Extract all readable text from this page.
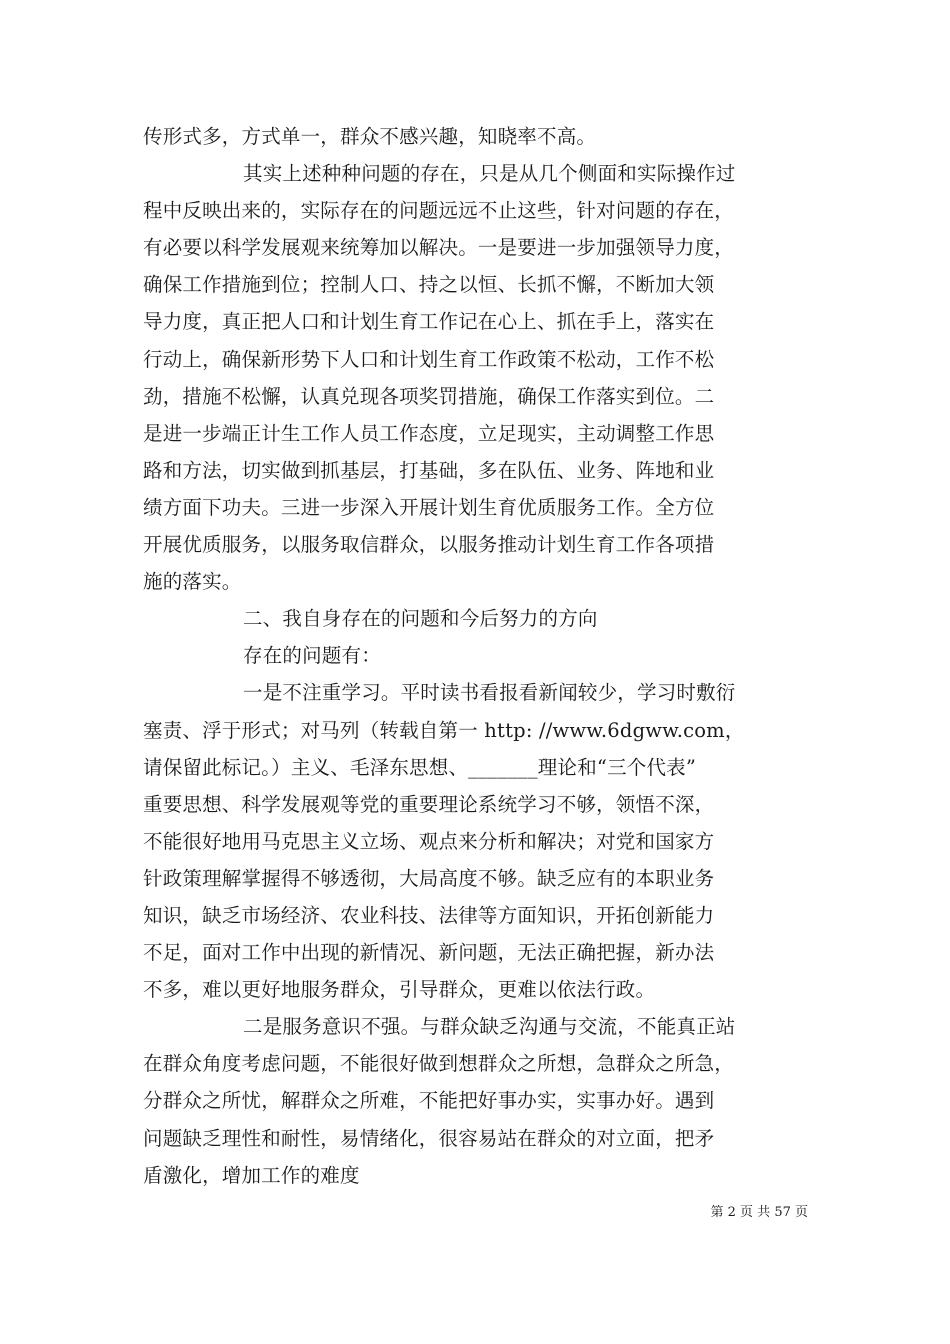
传形式多，方式单一，群众不感兴趣，知晓率不高。
其实上述种种问题的存在，只是从几个侧面和实际操作过
程中反映出来的，实际存在的问题远远不止这些，针对问题的存在，
有必要以科学发展观来统筹加以解决。一是要进一步加强领导力度，
确保工作措施到位；控制人口、持之以恒、长抓不懈，不断加大领
导力度，真正把人口和计划生育工作记在心上、抓在手上，落实在
行动上，确保新形势下人口和计划生育工作政策不松动，工作不松
劲，措施不松懈，认真兑现各项奖罚措施，确保工作落实到位。二
是进一步端正计生工作人员工作态度，立足现实，主动调整工作思
路和方法，切实做到抓基层，打基础，多在队伍、业务、阵地和业
绩方面下功夫。三进一步深入开展计划生育优质服务工作。全方位
开展优质服务，以服务取信群众，以服务推动计划生育工作各项措
施的落实。
二、我自身存在的问题和今后努力的方向
存在的问题有：
一是不注重学习。平时读书看报看新闻较少，学习时敷衍
塞责、浮于形式；对马列（转载自第一 http: //www.6dgww.com，
请保留此标记。）主义、毛泽东思想、_______理论和“三个代表”
重要思想、科学发展观等党的重要理论系统学习不够，领悟不深，
不能很好地用马克思主义立场、观点来分析和解决；对党和国家方
针政策理解掌握得不够透彻，大局高度不够。缺乏应有的本职业务
知识，缺乏市场经济、农业科技、法律等方面知识，开拓创新能力
不足，面对工作中出现的新情况、新问题，无法正确把握，新办法
不多，难以更好地服务群众，引导群众，更难以依法行政。
二是服务意识不强。与群众缺乏沟通与交流，不能真正站
在群众角度考虑问题，不能很好做到想群众之所想，急群众之所急，
分群众之所忧，解群众之所难，不能把好事办实，实事办好。遇到
问题缺乏理性和耐性，易情绪化，很容易站在群众的对立面，把矛
盾激化，增加工作的难度
第 2 页 共 57 页
